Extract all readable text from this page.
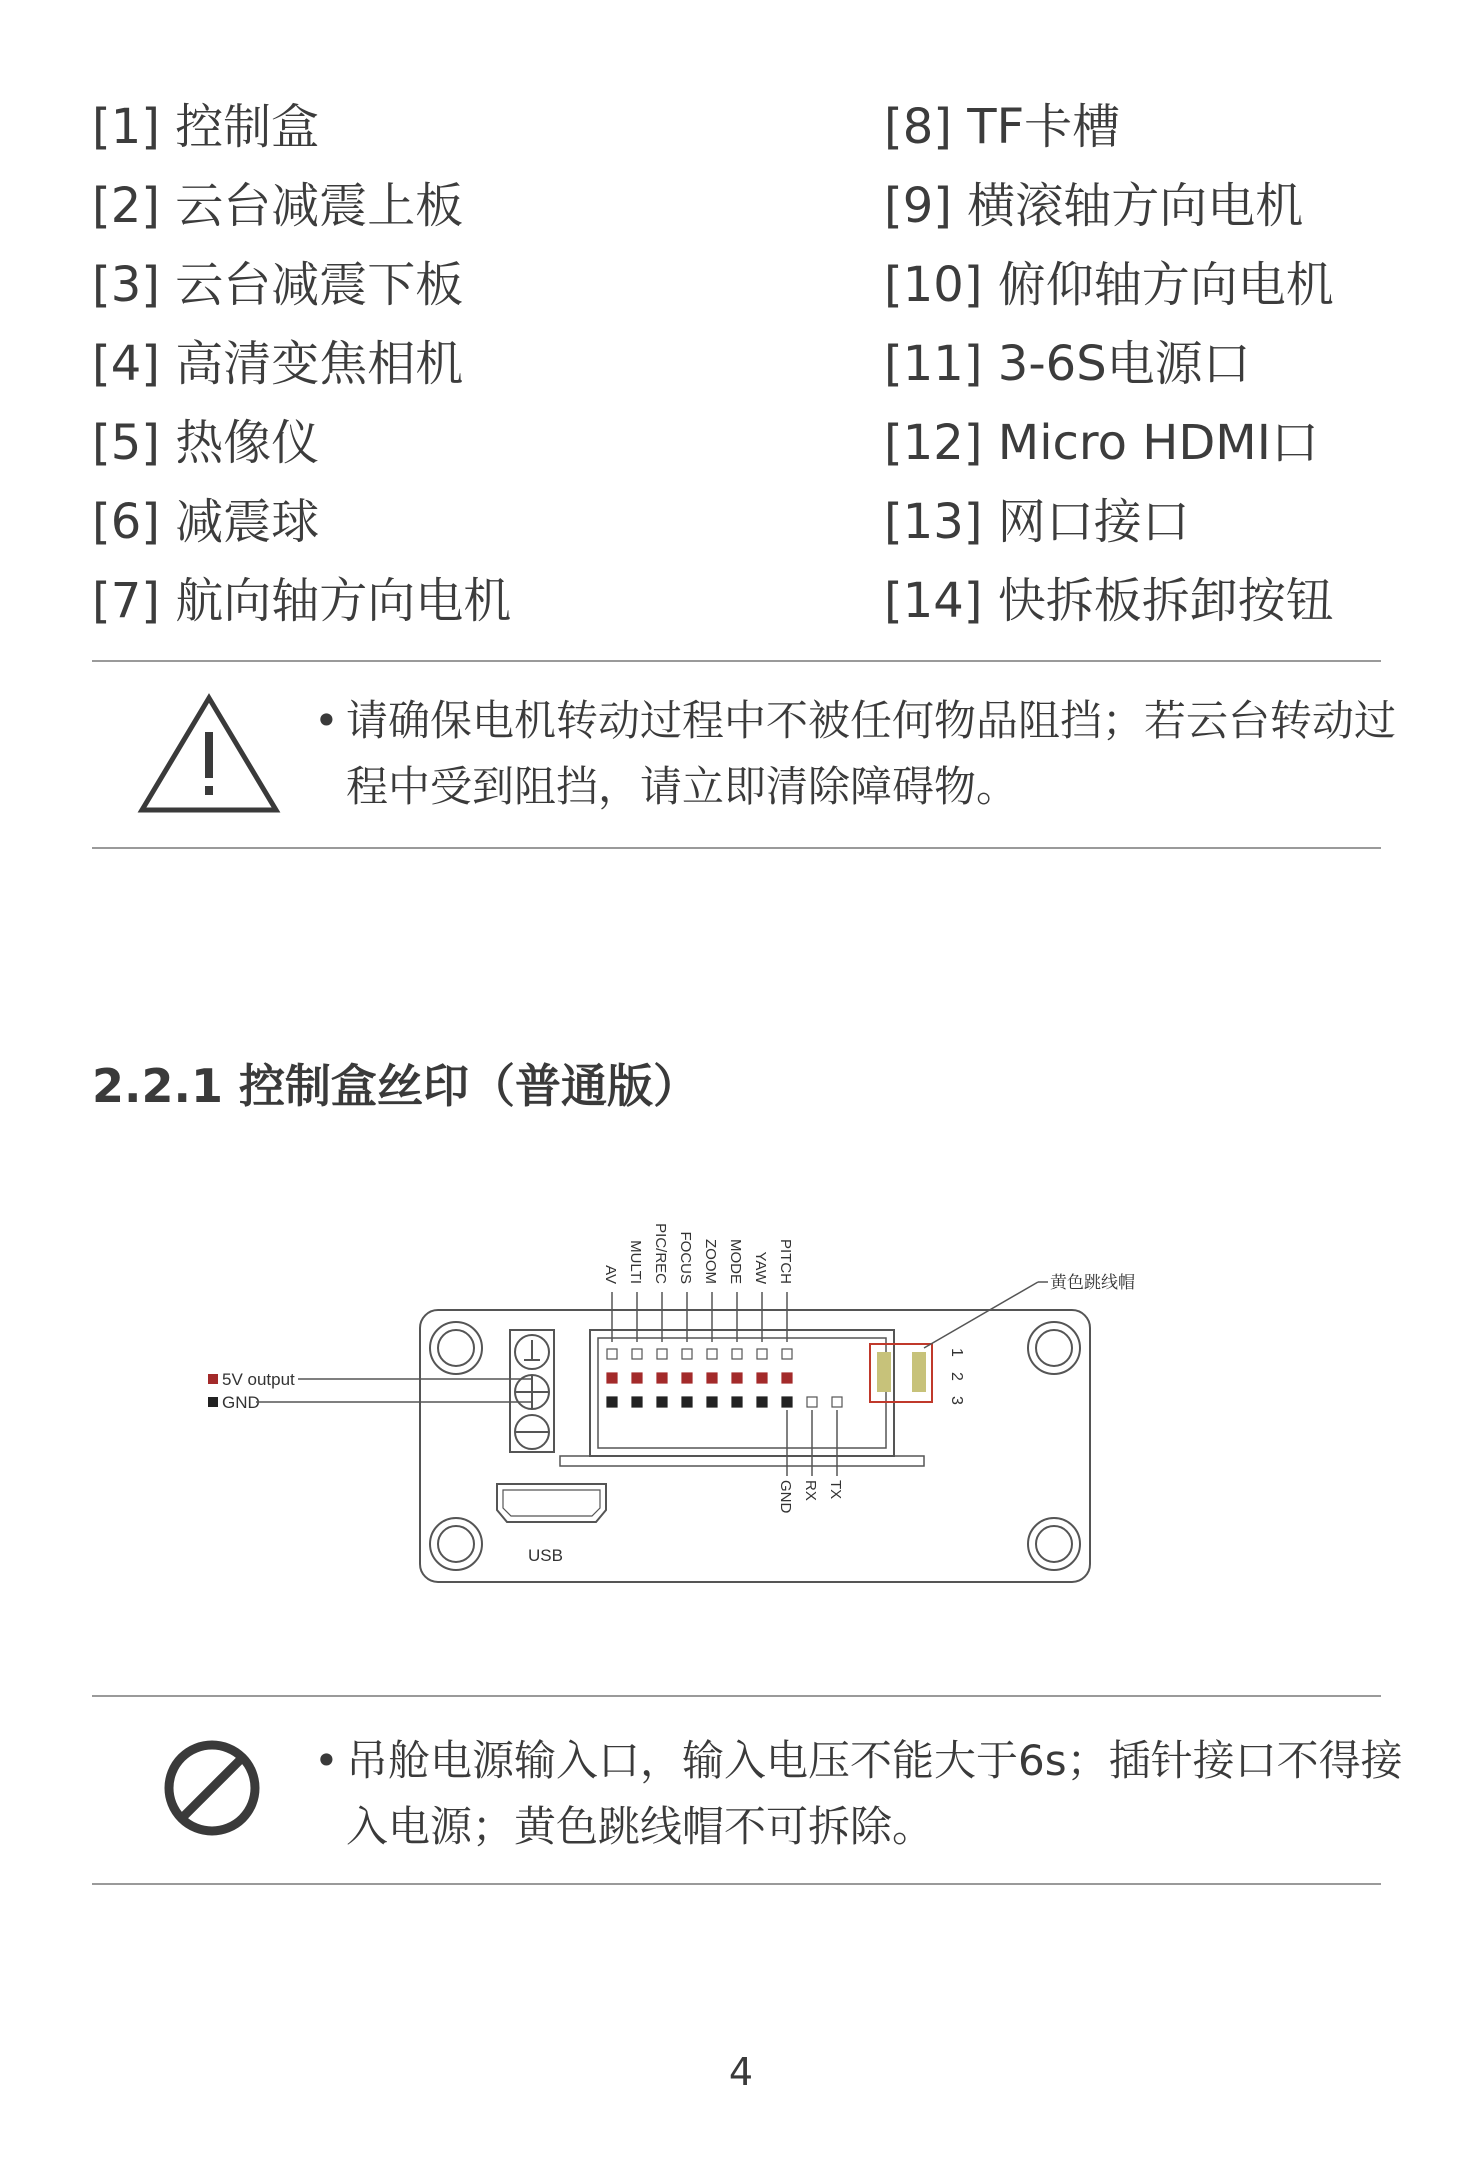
[1] 控制盒
[2] 云台减震上板
[3] 云台减震下板
[4] 高清变焦相机
[5] 热像仪
[6] 减震球
[7] 航向轴方向电机
[8] TF卡槽
[9] 横滚轴方向电机
[10] 俯仰轴方向电机
[11] 3-6S电源口
[12] Micro HDMI口
[13] 网口接口
[14] 快拆板拆卸按钮
• 请确保电机转动过程中不被任何物品阻挡；若云台转动过程中受到阻挡，请立即清除障碍物。
2.2.1 控制盒丝印（普通版）
黄色跳线帽
1
2
3
AV MULTI PIC/REC FOCUS ZOOM MODE YAW PITCH
GND RX TX
5V output
GND
USB
• 吊舱电源输入口，输入电压不能大于6s；插针接口不得接入电源；黄色跳线帽不可拆除。
4
